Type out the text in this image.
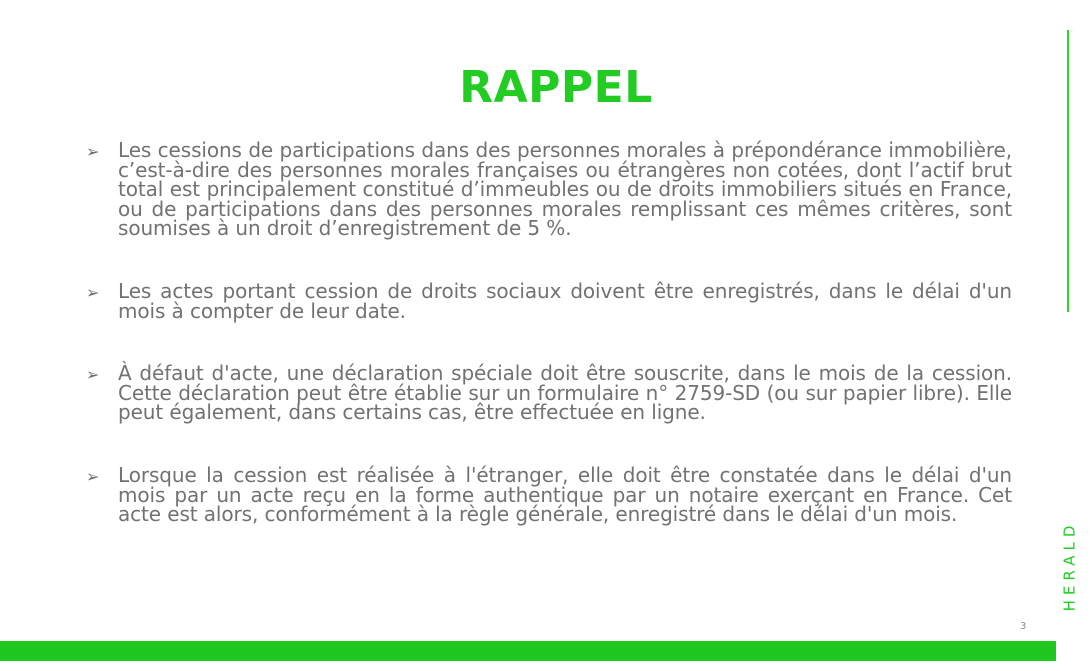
RAPPEL
➢ Les cessions de participations dans des personnes morales à prépondérance immobilière, c’est-à-dire des personnes morales françaises ou étrangères non cotées, dont l’actif brut total est principalement constitué d’immeubles ou de droits immobiliers situés en France, ou de participations dans des personnes morales remplissant ces mêmes critères, sont soumises à un droit d’enregistrement de 5 %.
➢ Les actes portant cession de droits sociaux doivent être enregistrés, dans le délai d'un mois à compter de leur date.
➢ À défaut d'acte, une déclaration spéciale doit être souscrite, dans le mois de la cession. Cette déclaration peut être établie sur un formulaire n° 2759-SD (ou sur papier libre). Elle peut également, dans certains cas, être effectuée en ligne.
➢ Lorsque la cession est réalisée à l'étranger, elle doit être constatée dans le délai d'un mois par un acte reçu en la forme authentique par un notaire exerçant en France. Cet acte est alors, conformément à la règle générale, enregistré dans le délai d'un mois.
HERALD
3
